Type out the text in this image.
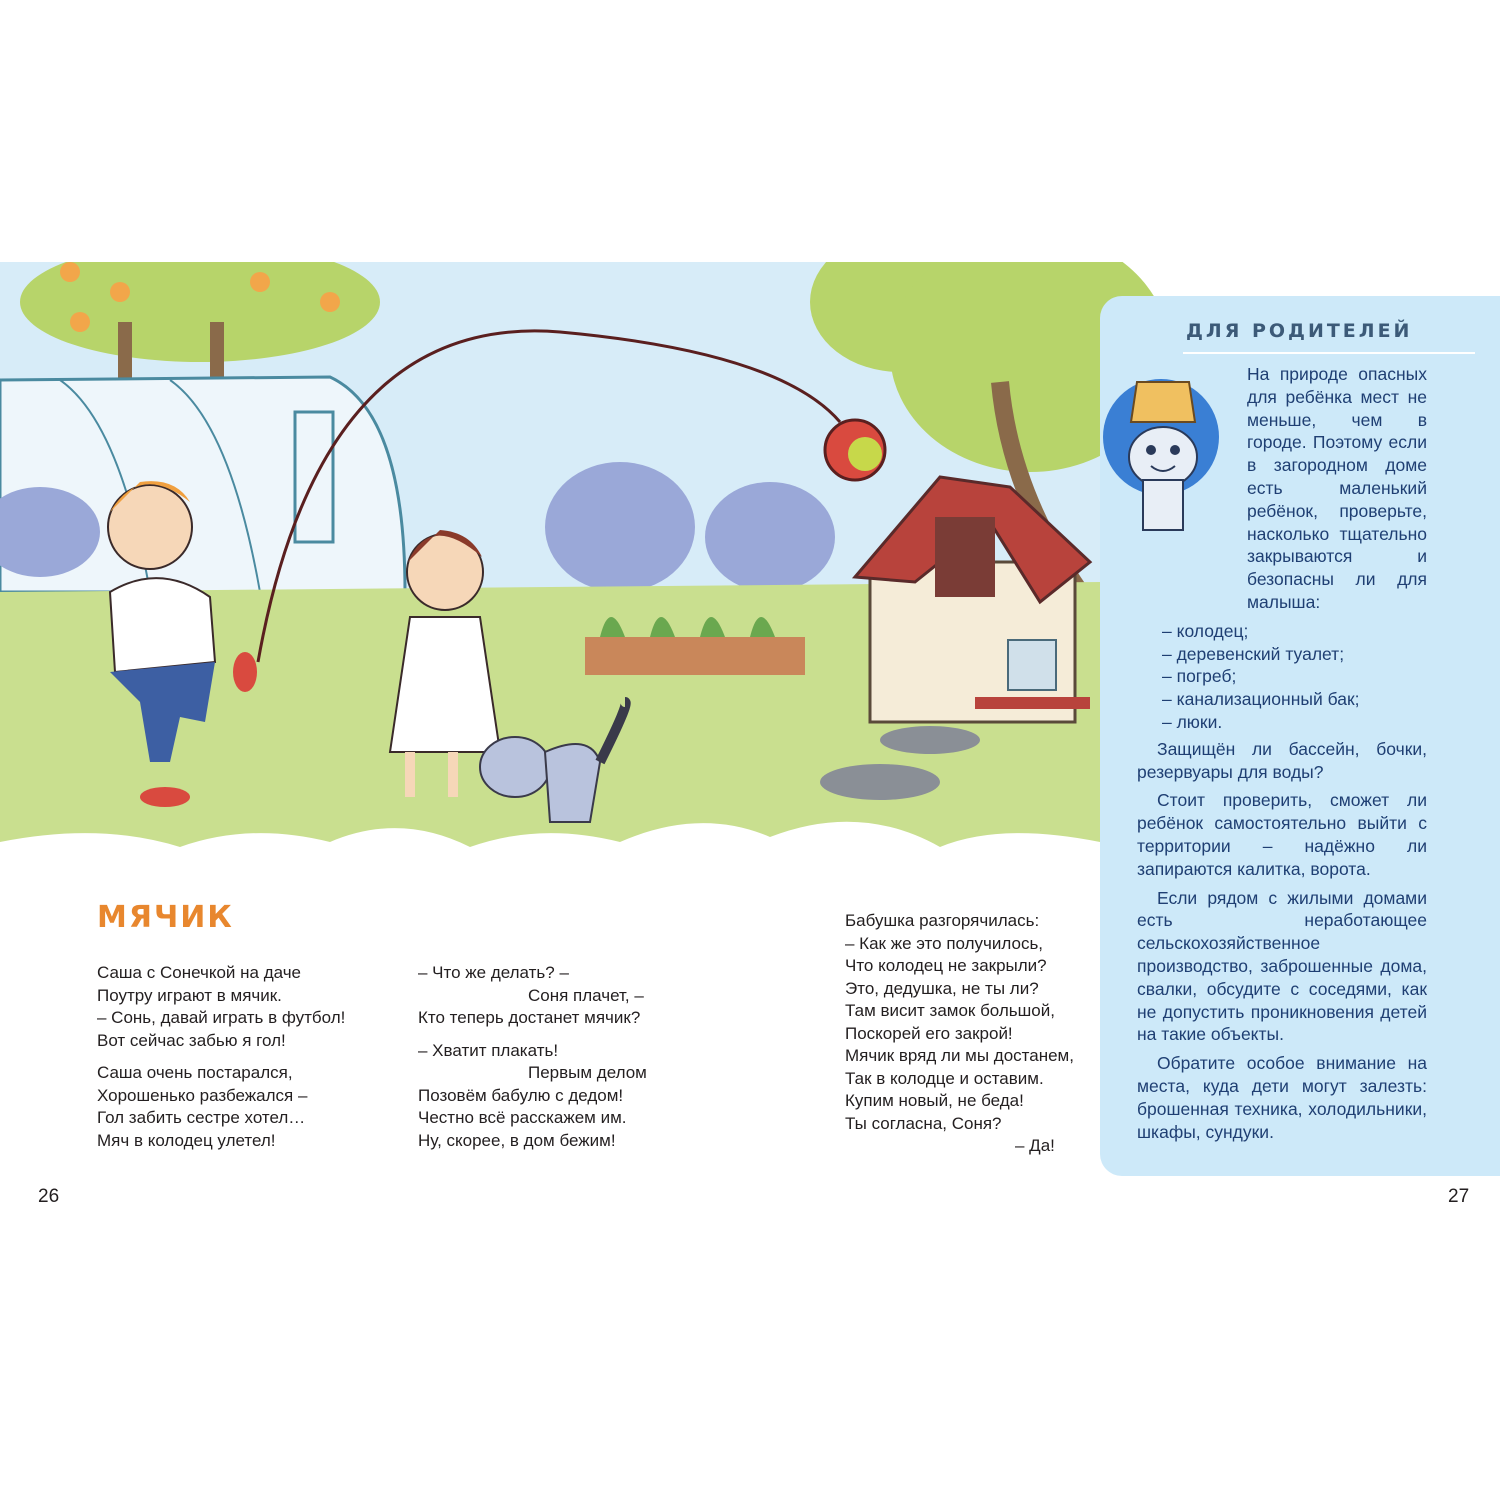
МЯЧИК
Саша с Сонечкой на даче
Поутру играют в мячик.
– Сонь, давай играть в футбол!
Вот сейчас забью я гол!
Саша очень постарался,
Хорошенько разбежался –
Гол забить сестре хотел…
Мяч в колодец улетел!
– Что же делать? –
Соня плачет, –
Кто теперь достанет мячик?
– Хватит плакать!
Первым делом
Позовём бабулю с дедом!
Честно всё расскажем им.
Ну, скорее, в дом бежим!
Бабушка разгорячилась:
– Как же это получилось,
Что колодец не закрыли?
Это, дедушка, не ты ли?
Там висит замок большой,
Поскорей его закрой!
Мячик вряд ли мы достанем,
Так в колодце и оставим.
Купим новый, не беда!
Ты согласна, Соня?
– Да!
ДЛЯ РОДИТЕЛЕЙ
На природе опасных для ребёнка мест не меньше, чем в городе. Поэтому если в загородном доме есть маленький ребёнок, проверьте, насколько тщательно закрываются и безопасны ли для малыша:
– колодец;
– деревенский туалет;
– погреб;
– канализационный бак;
– люки.
Защищён ли бассейн, бочки, резервуары для воды?
Стоит проверить, сможет ли ребёнок самостоятельно выйти с территории – надёжно ли запираются калитка, ворота.
Если рядом с жилыми домами есть неработающее сельскохозяйственное производство, заброшенные дома, свалки, обсудите с соседями, как не допустить проникновения детей на такие объекты.
Обратите особое внимание на места, куда дети могут залезть: брошенная техника, холодильники, шкафы, сундуки.
26	27
